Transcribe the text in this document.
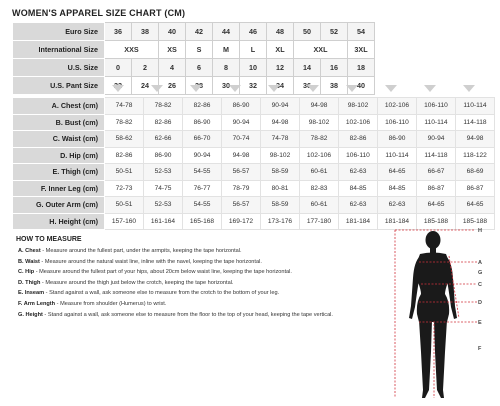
WOMEN'S APPAREL SIZE CHART (CM)
Euro Size	36	38	40	42	44	46	48	50	52	54
International Size	XXS		XS	S	M	L	XL	XXL		3XL
U.S. Size	0	2	4	6	8	10	12	14	16	18
U.S. Pant Size	22	24	26	28	30	32	34	36	38	40
A. Chest (cm)	74-78	78-82	82-86	86-90	90-94	94-98	98-102	102-106	106-110	110-114
B. Bust (cm)	78-82	82-86	86-90	90-94	94-98	98-102	102-106	106-110	110-114	114-118
C. Waist (cm)	58-62	62-66	66-70	70-74	74-78	78-82	82-86	86-90	90-94	94-98
D. Hip (cm)	82-86	86-90	90-94	94-98	98-102	102-106	106-110	110-114	114-118	118-122
E. Thigh (cm)	50-51	52-53	54-55	56-57	58-59	60-61	62-63	64-65	66-67	68-69
F. Inner Leg (cm)	72-73	74-75	76-77	78-79	80-81	82-83	84-85	84-85	86-87	86-87
G. Outer Arm (cm)	50-51	52-53	54-55	56-57	58-59	60-61	62-63	62-63	64-65	64-65
H. Height (cm)	157-160	161-164	165-168	169-172	173-176	177-180	181-184	181-184	185-188	185-188
HOW TO MEASURE
A. Chest - Measure around the fullest part, under the armpits, keeping the tape horizontal.
B. Waist - Measure around the natural waist line, inline with the navel, keeping the tape horizontal.
C. Hip - Measure around the fullest part of your hips, about 20cm below waist line, keeping the tape horizontal.
D. Thigh - Measure around the thigh just below the crotch, keeping the tape horizontal.
E. Inseam - Stand against a wall, ask someone else to measure from the crotch to the bottom of your leg.
F. Arm Length - Measure from shoulder (Humerus) to wrist.
G. Height - Stand against a wall, ask someone else to measure from the floor to the top of your head, keeping the tape vertical.
H
A
G
C
D
E
F
